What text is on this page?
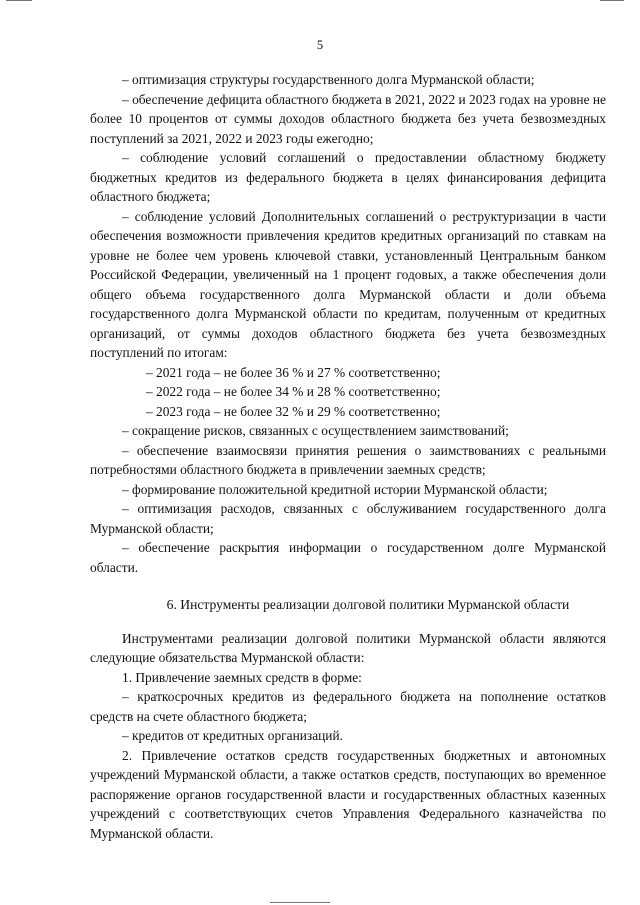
5

– оптимизация структуры государственного долга Мурманской области;

– обеспечение дефицита областного бюджета в 2021, 2022 и 2023 годах на уровне не более 10 процентов от суммы доходов областного бюджета без учета безвозмездных поступлений за 2021, 2022 и 2023 годы ежегодно;

– соблюдение условий соглашений о предоставлении областному бюджету бюджетных кредитов из федерального бюджета в целях финансирования дефицита областного бюджета;

– соблюдение условий Дополнительных соглашений о реструктуризации в части обеспечения возможности привлечения кредитов кредитных организаций по ставкам на уровне не более чем уровень ключевой ставки, установленный Центральным банком Российской Федерации, увеличенный на 1 процент годовых, а также обеспечения доли общего объема государственного долга Мурманской области и доли объема государственного долга Мурманской области по кредитам, полученным от кредитных организаций, от суммы доходов областного бюджета без учета безвозмездных поступлений по итогам:

– 2021 года – не более 36 % и 27 % соответственно;

– 2022 года – не более 34 % и 28 % соответственно;

– 2023 года – не более 32 % и 29 % соответственно;

– сокращение рисков, связанных с осуществлением заимствований;

– обеспечение взаимосвязи принятия решения о заимствованиях с реальными потребностями областного бюджета в привлечении заемных средств;

– формирование положительной кредитной истории Мурманской области;

– оптимизация расходов, связанных с обслуживанием государственного долга Мурманской области;

– обеспечение раскрытия информации о государственном долге Мурманской области.

6. Инструменты реализации долговой политики Мурманской области

Инструментами реализации долговой политики Мурманской области являются следующие обязательства Мурманской области:

1. Привлечение заемных средств в форме:

– краткосрочных кредитов из федерального бюджета на пополнение остатков средств на счете областного бюджета;

– кредитов от кредитных организаций.

2. Привлечение остатков средств государственных бюджетных и автономных учреждений Мурманской области, а также остатков средств, поступающих во временное распоряжение органов государственной власти и государственных областных казенных учреждений с соответствующих счетов Управления Федерального казначейства по Мурманской области.
